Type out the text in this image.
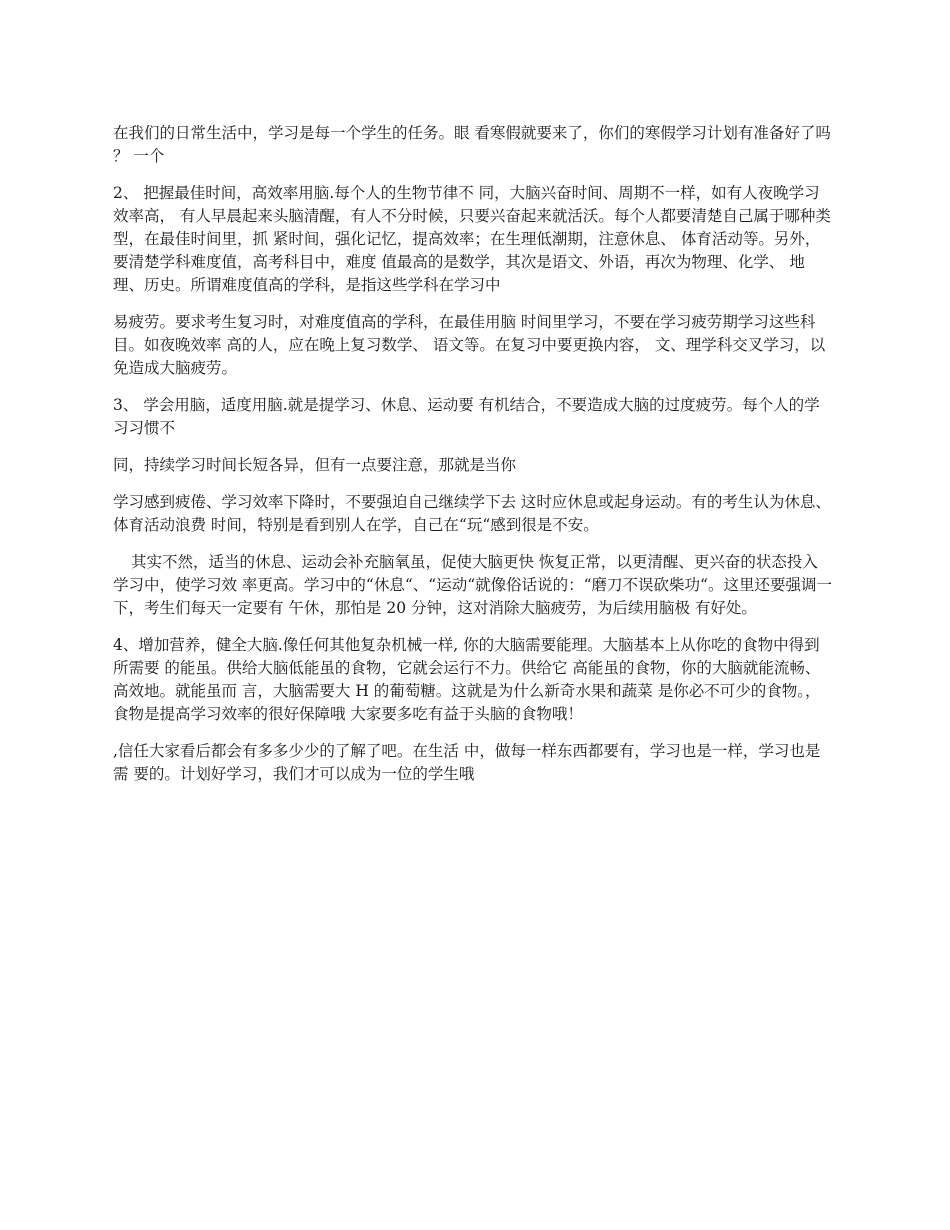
在我们的日常生活中，学习是每一个学生的任务。眼 看寒假就要来了，你们的寒假学习计划有准备好了吗 ？ 一个

2、 把握最佳时间，高效率用脑.每个人的生物节律不 同，大脑兴奋时间、周期不一样，如有人夜晚学习效率高， 有人早晨起来头脑清醒，有人不分时候，只要兴奋起来就活沃。每个人都要清楚自己属于哪种类型，在最佳时间里，抓 紧时间，强化记忆，提高效率；在生理低潮期，注意休息、 体育活动等。另外，要清楚学科难度值，高考科目中，难度 值最高的是数学，其次是语文、外语，再次为物理、化学、 地理、历史。所谓难度值高的学科，是指这些学科在学习中

易疲劳。要求考生复习时，对难度值高的学科，在最佳用脑 时间里学习，不要在学习疲劳期学习这些科目。如夜晚效率 高的人，应在晚上复习数学、 语文等。在复习中要更换内容， 文、理学科交叉学习，以免造成大脑疲劳。

3、 学会用脑，适度用脑.就是提学习、休息、运动要 有机结合，不要造成大脑的过度疲劳。每个人的学习习惯不

同，持续学习时间长短各异，但有一点要注意，那就是当你

学习感到疲倦、学习效率下降时，不要强迫自己继续学下去 这时应休息或起身运动。有的考生认为休息、体育活动浪费 时间，特别是看到别人在学，自己在“玩“感到很是不安。

其实不然，适当的休息、运动会补充脑氧虽，促使大脑更快 恢复正常，以更清醒、更兴奋的状态投入学习中，使学习效 率更高。学习中的“休息“、“运动“就像俗话说的：“磨刀不误砍柴功“。这里还要强调一下，考生们每天一定要有 午休，那怕是 20 分钟，这对消除大脑疲劳，为后续用脑极 有好处。

4、增加营养，健全大脑.像任何其他复杂机械一样, 你的大脑需要能理。大脑基本上从你吃的食物中得到所需要 的能虽。供给大脑低能虽的食物，它就会运行不力。供给它 高能虽的食物，你的大脑就能流畅、高效地。就能虽而 言，大脑需要大 H 的葡萄糖。这就是为什么新奇水果和蔬菜 是你必不可少的食物。，食物是提高学习效率的很好保障哦 大家要多吃有益于头脑的食物哦！

,信任大家看后都会有多多少少的了解了吧。在生活 中，做每一样东西都要有，学习也是一样，学习也是需 要的。计划好学习，我们才可以成为一位的学生哦
